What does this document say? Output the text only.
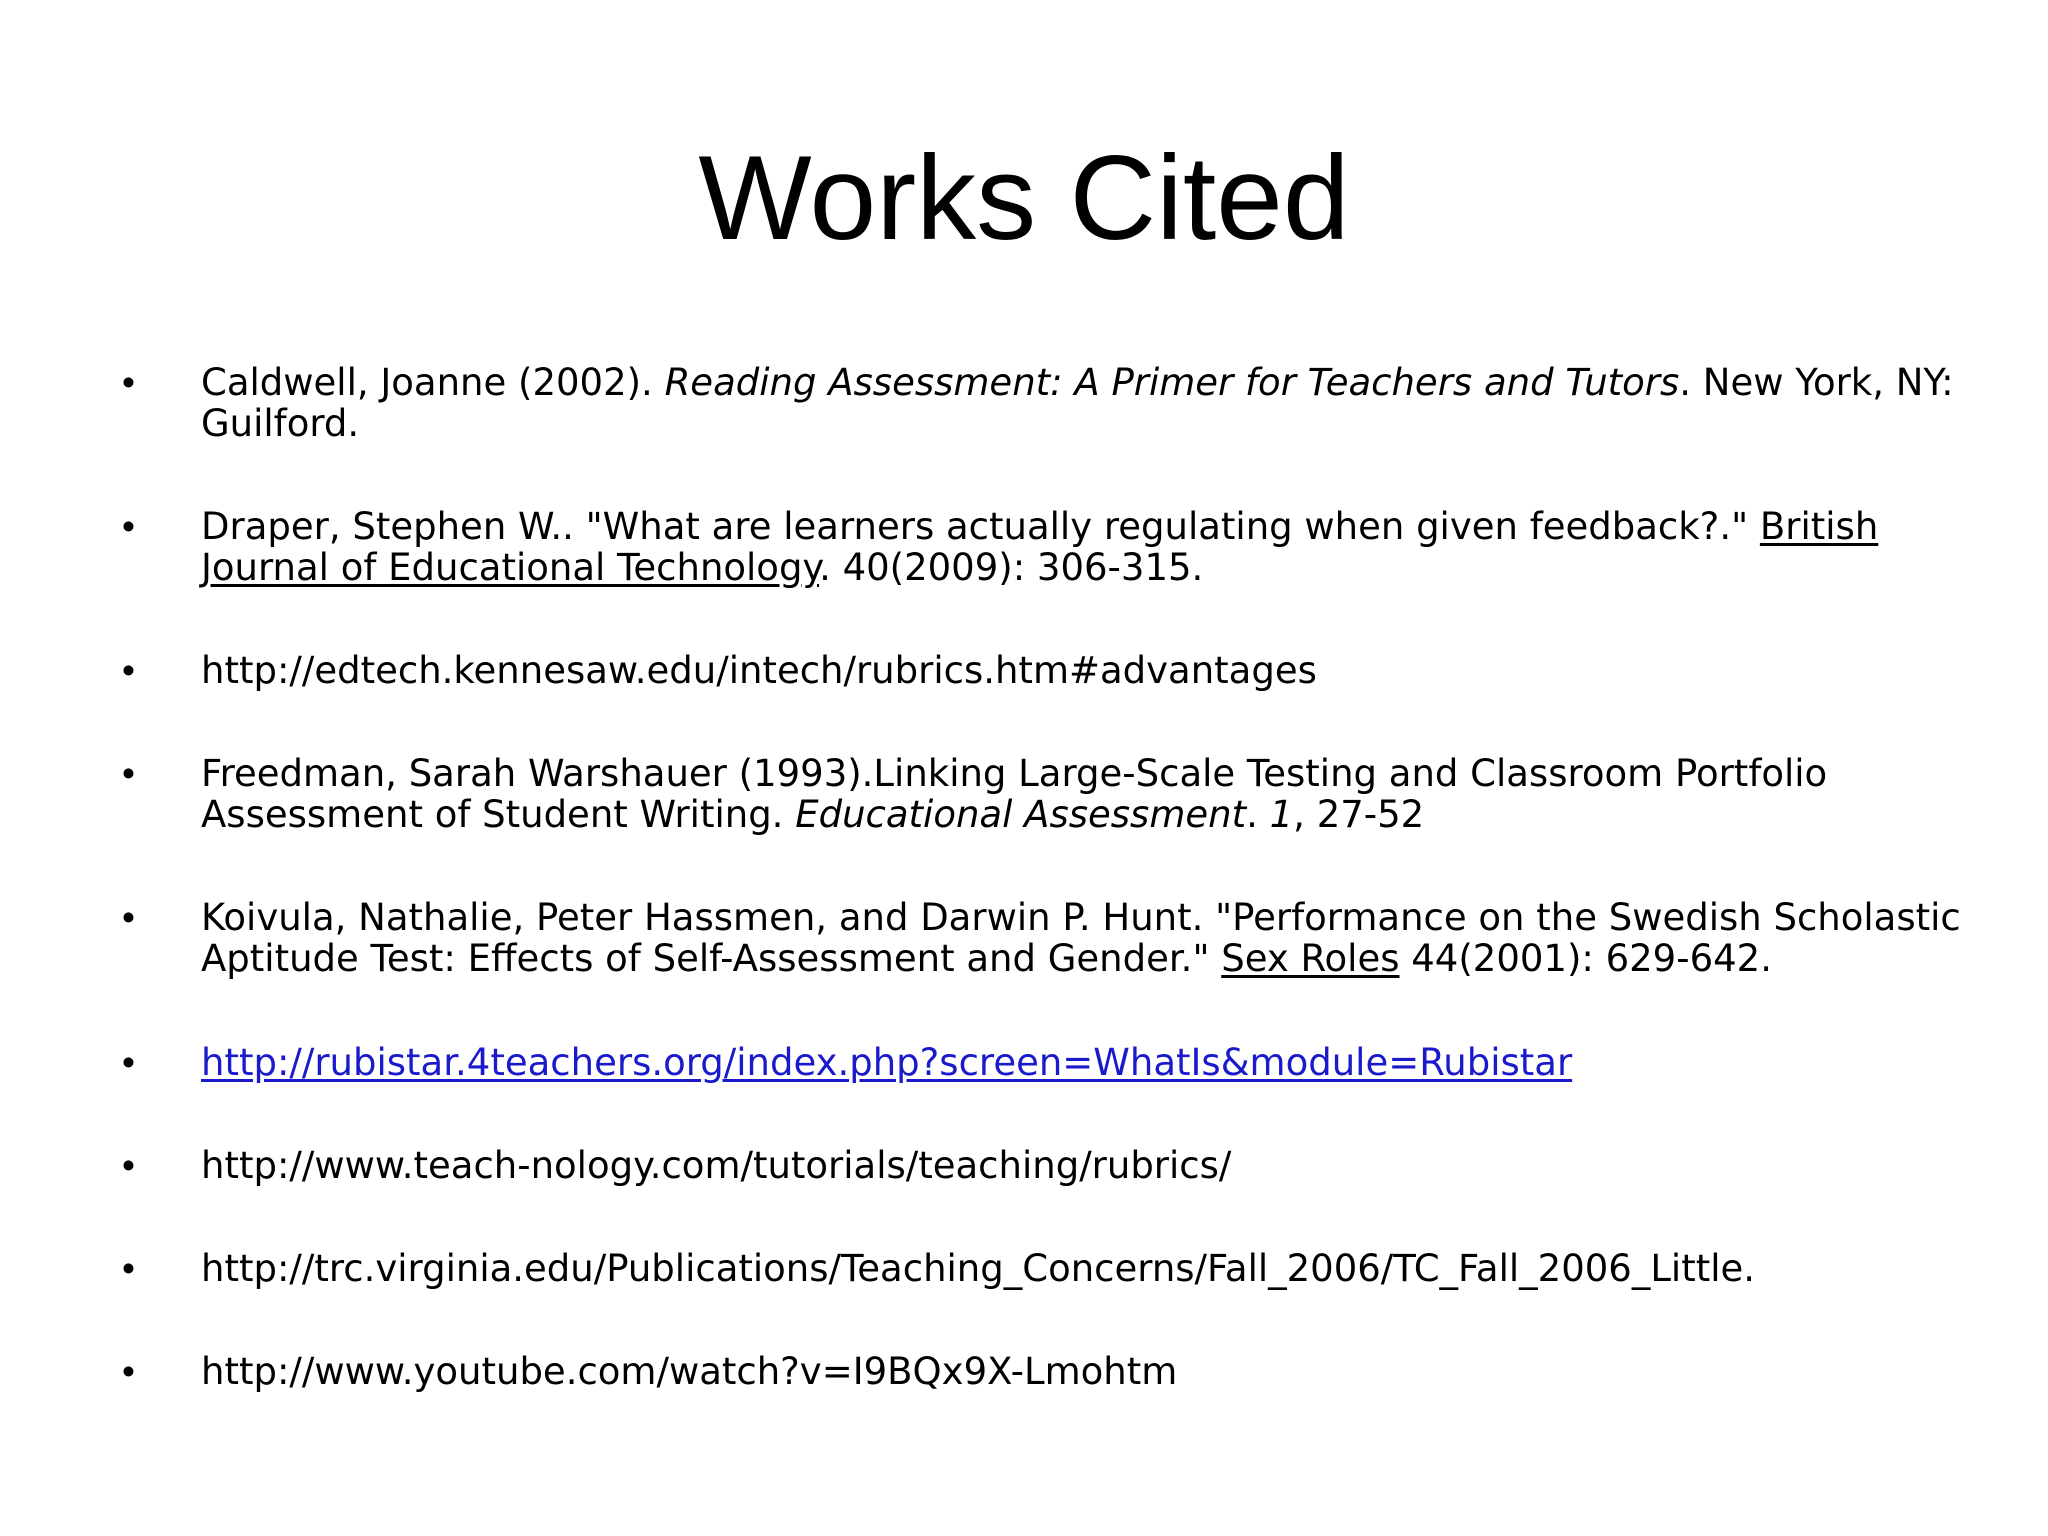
Works Cited
• Caldwell, Joanne (2002). Reading Assessment: A Primer for Teachers and Tutors. New York, NY: Guilford.
• Draper, Stephen W.. "What are learners actually regulating when given feedback?." British Journal of Educational Technology. 40(2009): 306-315.
• http://edtech.kennesaw.edu/intech/rubrics.htm#advantages
• Freedman, Sarah Warshauer (1993).Linking Large-Scale Testing and Classroom Portfolio Assessment of Student Writing. Educational Assessment. 1, 27-52
• Koivula, Nathalie, Peter Hassmen, and Darwin P. Hunt. "Performance on the Swedish Scholastic Aptitude Test: Effects of Self-Assessment and Gender." Sex Roles 44(2001): 629-642.
• http://rubistar.4teachers.org/index.php?screen=WhatIs&module=Rubistar
• http://www.teach-nology.com/tutorials/teaching/rubrics/
• http://trc.virginia.edu/Publications/Teaching_Concerns/Fall_2006/TC_Fall_2006_Little.
• http://www.youtube.com/watch?v=I9BQx9X-Lmohtm
